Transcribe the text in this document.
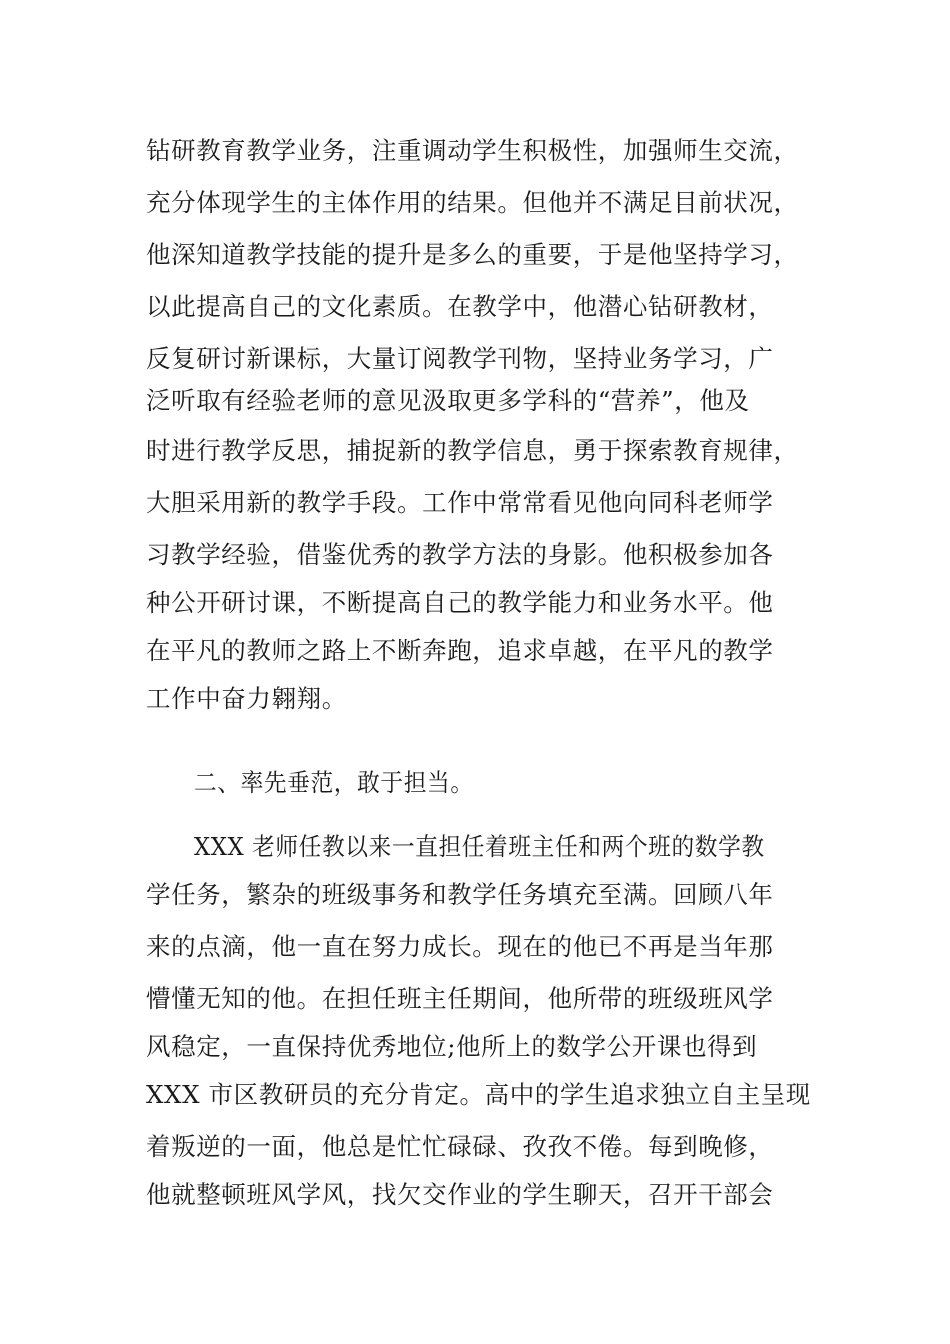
钻研教育教学业务，注重调动学生积极性，加强师生交流，
充分体现学生的主体作用的结果。但他并不满足目前状况，
他深知道教学技能的提升是多么的重要，于是他坚持学习，
以此提高自己的文化素质。在教学中，他潜心钻研教材，
反复研讨新课标，大量订阅教学刊物，坚持业务学习，广
泛听取有经验老师的意见汲取更多学科的“营养”，他及
时进行教学反思，捕捉新的教学信息，勇于探索教育规律，
大胆采用新的教学手段。工作中常常看见他向同科老师学
习教学经验，借鉴优秀的教学方法的身影。他积极参加各
种公开研讨课，不断提高自己的教学能力和业务水平。他
在平凡的教师之路上不断奔跑，追求卓越，在平凡的教学
工作中奋力翱翔。
二、率先垂范，敢于担当。
XXX 老师任教以来一直担任着班主任和两个班的数学教
学任务，繁杂的班级事务和教学任务填充至满。回顾八年
来的点滴，他一直在努力成长。现在的他已不再是当年那
懵懂无知的他。在担任班主任期间，他所带的班级班风学
风稳定，一直保持优秀地位;他所上的数学公开课也得到
XXX 市区教研员的充分肯定。高中的学生追求独立自主呈现
着叛逆的一面，他总是忙忙碌碌、孜孜不倦。每到晚修，
他就整顿班风学风，找欠交作业的学生聊天，召开干部会
